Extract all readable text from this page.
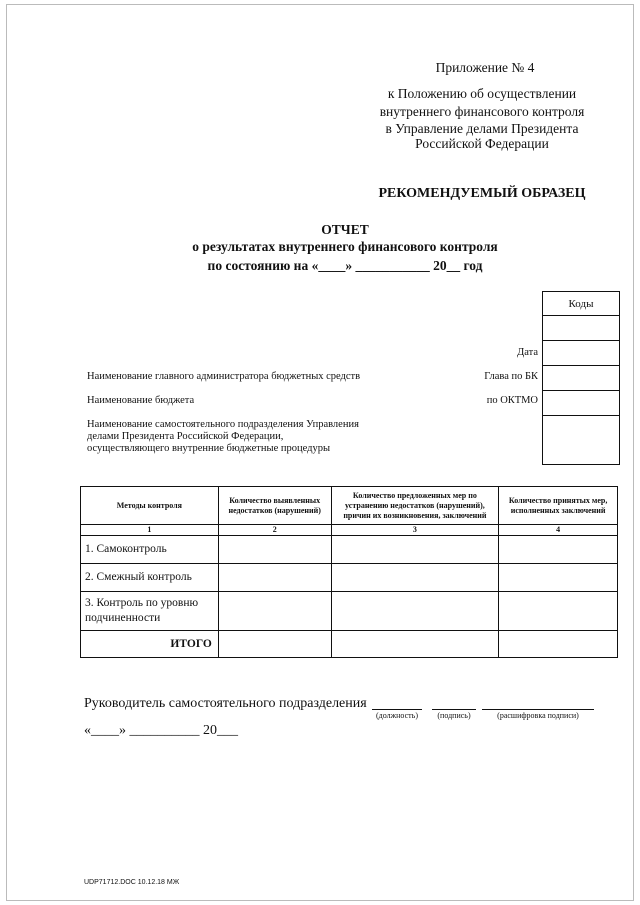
Приложение № 4
к Положению об осуществлении
внутреннего финансового контроля
в Управление делами Президента
Российской Федерации
РЕКОМЕНДУЕМЫЙ ОБРАЗЕЦ
ОТЧЕТ
о результатах внутреннего финансового контроля
по состоянию на «____» ___________ 20__ год
Коды

Дата
Глава по БК
по ОКТМО
Наименование главного администратора бюджетных средств
Наименование бюджета
Наименование самостоятельного подразделения Управления
делами Президента Российской Федерации,
осуществляющего внутренние бюджетные процедуры
Методы контроля	Количество выявленных недостатков (нарушений)	Количество предложенных мер по устранению недостатков (нарушений), причин их возникновения, заключений	Количество принятых мер, исполненных заключений
1	2	3	4
1. Самоконтроль			
2. Смежный контроль			
3. Контроль по уровню подчиненности			
ИТОГО			
Руководитель самостоятельного подразделения
(должность)	(подпись)	(расшифровка подписи)
«____» __________ 20___
UDP71712.DOC 10.12.18 МЖ
